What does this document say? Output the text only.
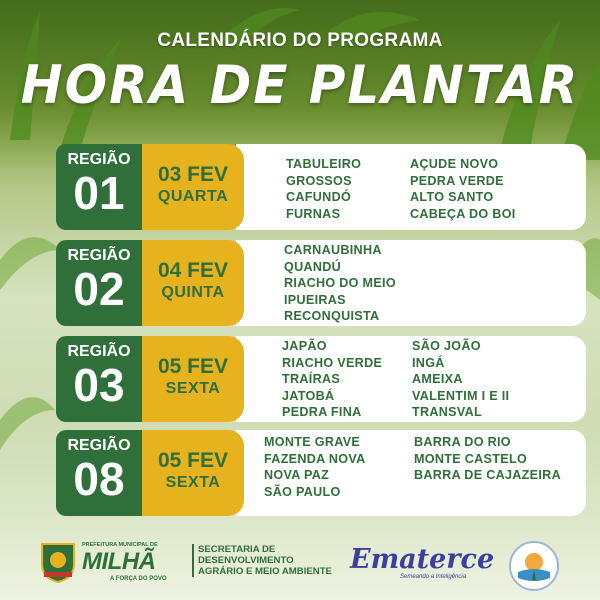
CALENDÁRIO DO PROGRAMA
HORA DE PLANTAR
TABULEIRO
GROSSOS
CAFUNDÓ
FURNAS
AÇUDE NOVO
PEDRA VERDE
ALTO SANTO
CABEÇA DO BOI
03 FEV
QUARTA
REGIÃO
01
CARNAUBINHA
QUANDÚ
RIACHO DO MEIO
IPUEIRAS
RECONQUISTA
04 FEV
QUINTA
REGIÃO
02
JAPÃO
RIACHO VERDE
TRAÍRAS
JATOBÁ
PEDRA FINA
SÃO JOÃO
INGÁ
AMEIXA
VALENTIM I E II
TRANSVAL
05 FEV
SEXTA
REGIÃO
03
MONTE GRAVE
FAZENDA NOVA
NOVA PAZ
SÃO PAULO
BARRA DO RIO
MONTE CASTELO
BARRA DE CAJAZEIRA
05 FEV
SEXTA
REGIÃO
08
PREFEITURA MUNICIPAL DE
MILHÃ
A FORÇA DO POVO
SECRETARIA DE
DESENVOLVIMENTO
AGRÁRIO E MEIO AMBIENTE Ematerce
Semeando a Inteligência
